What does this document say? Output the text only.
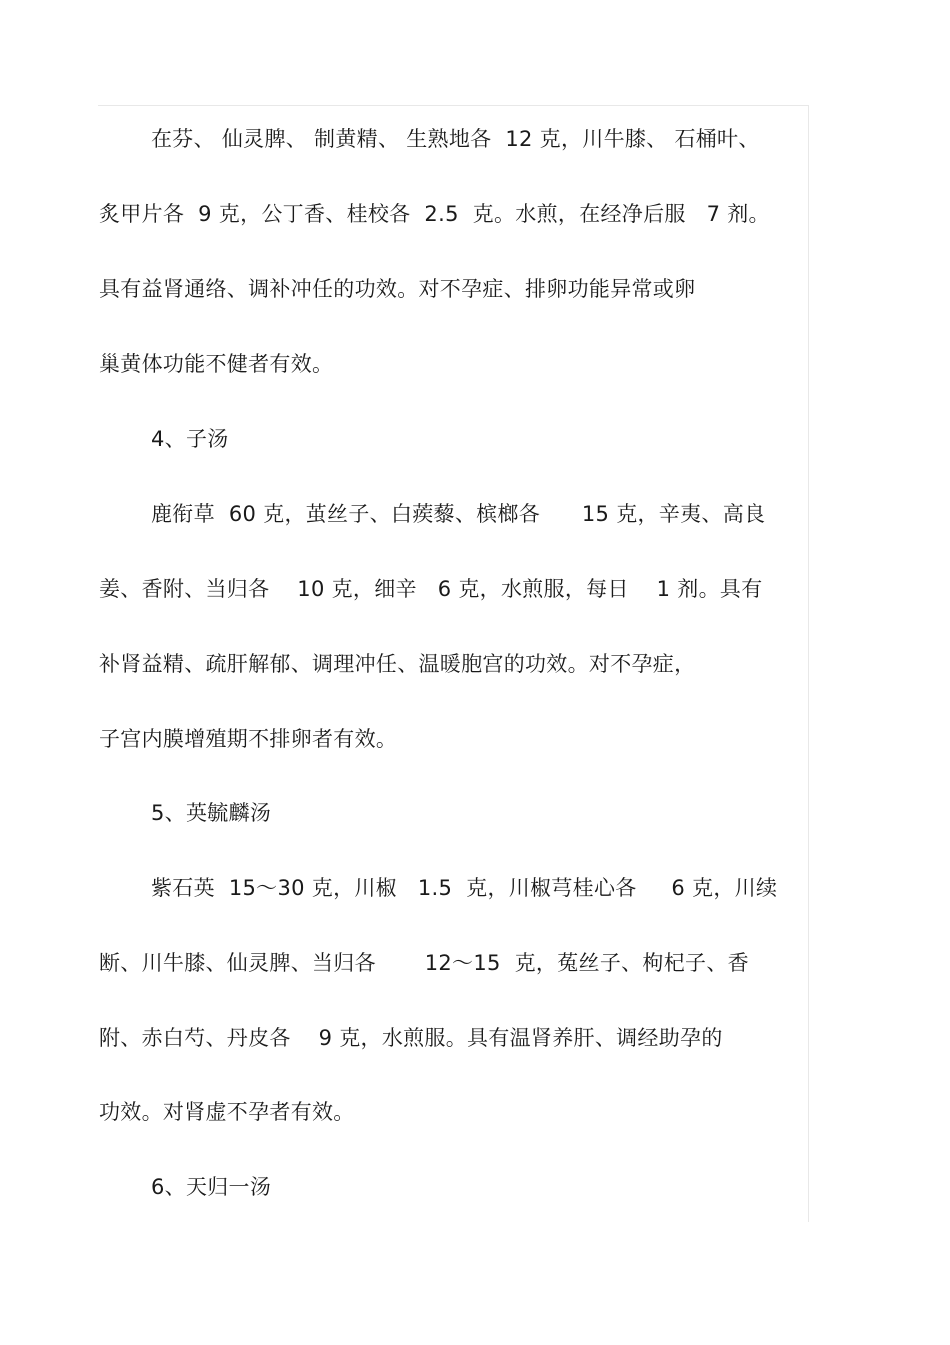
在芬、 仙灵脾、 制黄精、 生熟地各  12 克，川牛膝、 石桶叶、
炙甲片各  9 克，公丁香、桂校各  2.5  克。水煎，在经净后服   7 剂。
具有益肾通络、调补冲任的功效。对不孕症、排卵功能异常或卵
巢黄体功能不健者有效。
4、子汤
鹿衔草  60 克，茧丝子、白蒺藜、槟榔各      15 克，辛夷、高良
姜、香附、当归各    10 克，细辛   6 克，水煎服，每日    1 剂。具有
补肾益精、疏肝解郁、调理冲任、温暖胞宫的功效。对不孕症，
子宫内膜增殖期不排卵者有效。
5、英毓麟汤
紫石英  15～30 克，川椒   1.5  克，川椒芎桂心各     6 克，川续
断、川牛膝、仙灵脾、当归各       12～15  克，菟丝子、枸杞子、香
附、赤白芍、丹皮各    9 克，水煎服。具有温肾养肝、调经助孕的
功效。对肾虚不孕者有效。
6、天归一汤
